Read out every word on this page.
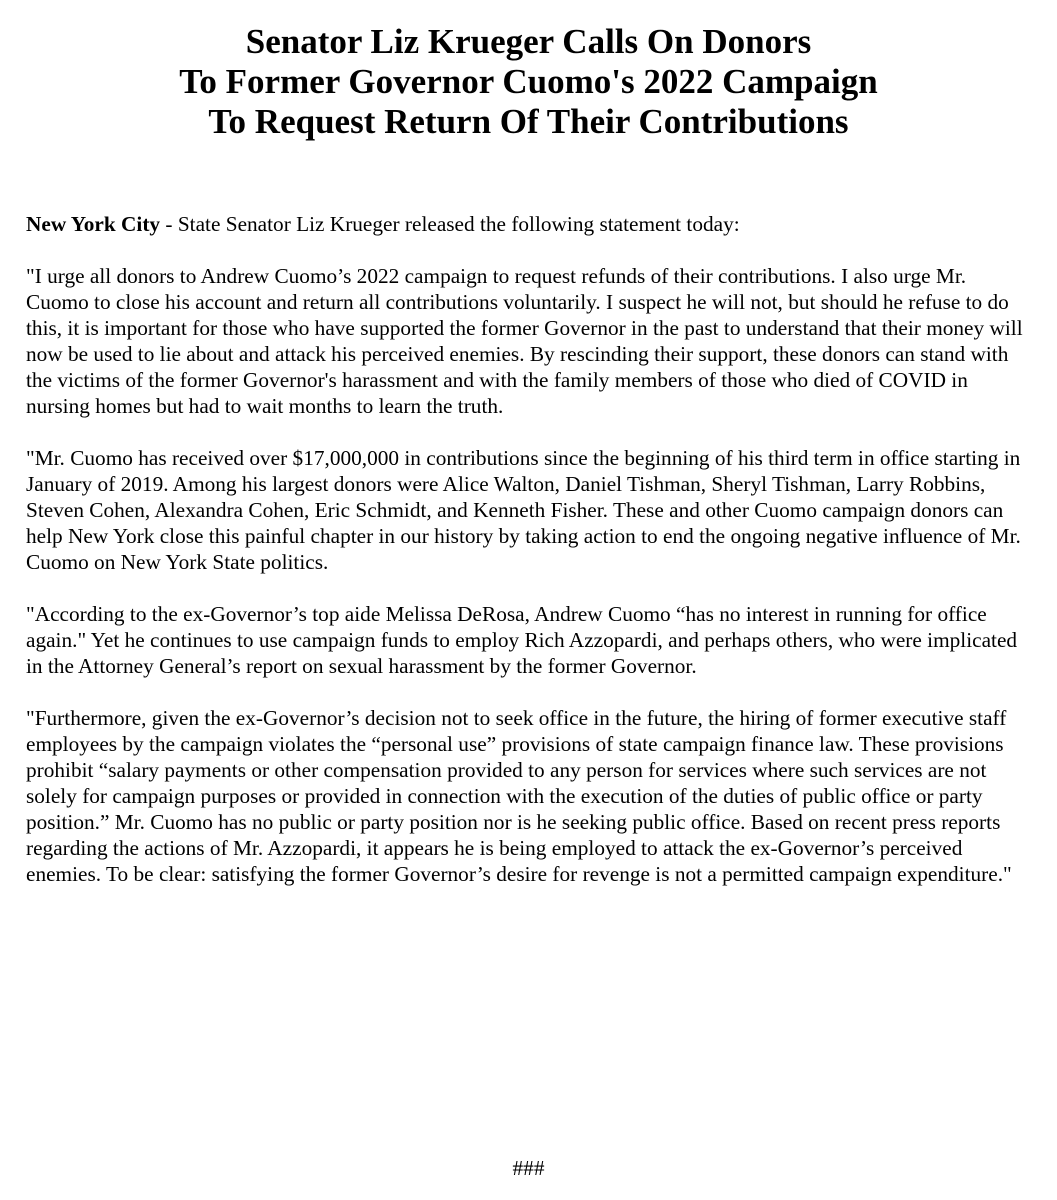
Senator Liz Krueger Calls On Donors
To Former Governor Cuomo's 2022 Campaign
To Request Return Of Their Contributions

New York City - State Senator Liz Krueger released the following statement today:

"I urge all donors to Andrew Cuomo’s 2022 campaign to request refunds of their contributions. I also urge Mr. Cuomo to close his account and return all contributions voluntarily. I suspect he will not, but should he refuse to do this, it is important for those who have supported the former Governor in the past to understand that their money will now be used to lie about and attack his perceived enemies. By rescinding their support, these donors can stand with the victims of the former Governor's harassment and with the family members of those who died of COVID in nursing homes but had to wait months to learn the truth.

"Mr. Cuomo has received over $17,000,000 in contributions since the beginning of his third term in office starting in January of 2019. Among his largest donors were Alice Walton, Daniel Tishman, Sheryl Tishman, Larry Robbins, Steven Cohen, Alexandra Cohen, Eric Schmidt, and Kenneth Fisher. These and other Cuomo campaign donors can help New York close this painful chapter in our history by taking action to end the ongoing negative influence of Mr. Cuomo on New York State politics.

"According to the ex-Governor’s top aide Melissa DeRosa, Andrew Cuomo “has no interest in running for office again." Yet he continues to use campaign funds to employ Rich Azzopardi, and perhaps others, who were implicated in the Attorney General’s report on sexual harassment by the former Governor.

"Furthermore, given the ex-Governor’s decision not to seek office in the future, the hiring of former executive staff employees by the campaign violates the “personal use” provisions of state campaign finance law. These provisions prohibit “salary payments or other compensation provided to any person for services where such services are not solely for campaign purposes or provided in connection with the execution of the duties of public office or party position.” Mr. Cuomo has no public or party position nor is he seeking public office. Based on recent press reports regarding the actions of Mr. Azzopardi, it appears he is being employed to attack the ex-Governor’s perceived enemies. To be clear: satisfying the former Governor’s desire for revenge is not a permitted campaign expenditure."

###
